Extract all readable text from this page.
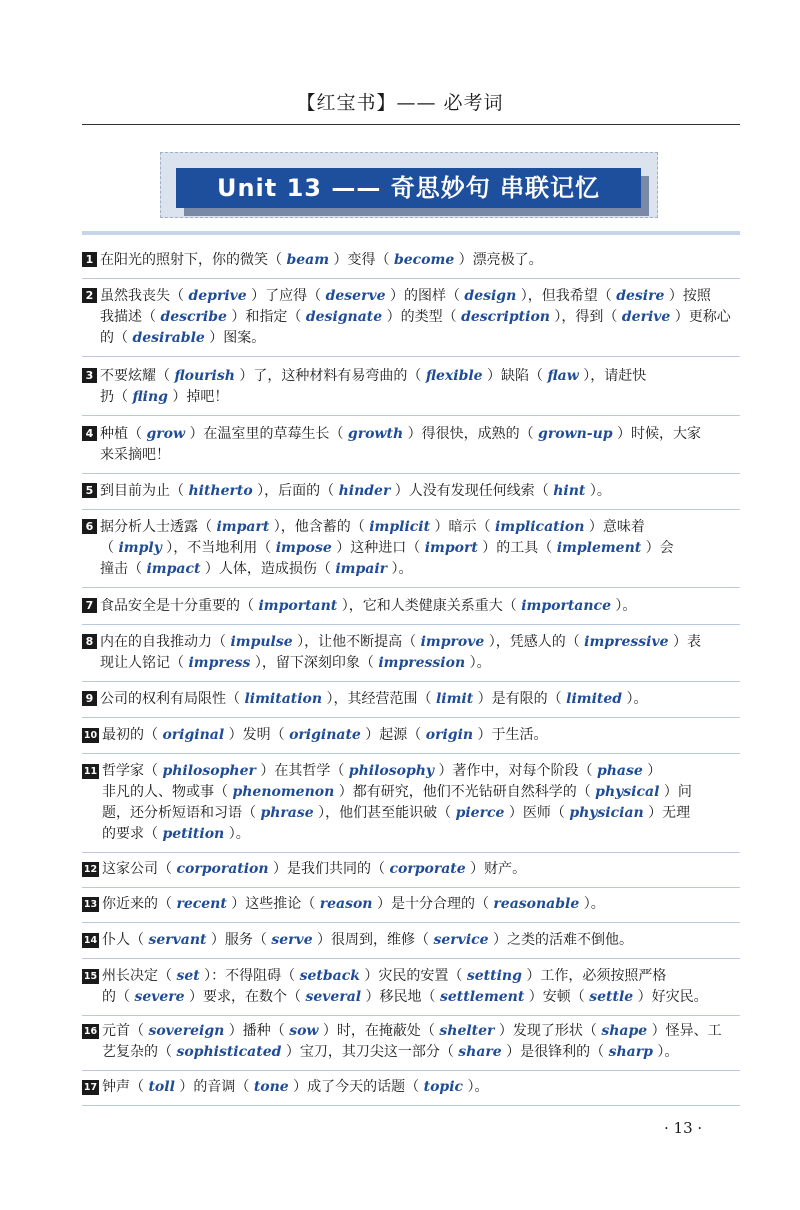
【红宝书】—— 必考词
Unit 13 —— 奇思妙句 串联记忆
1 在阳光的照射下，你的微笑（ beam ）变得（ become ）漂亮极了。
2 虽然我丧失（ deprive ）了应得（ deserve ）的图样（ design ），但我希望（ desire ）按照
我描述（ describe ）和指定（ designate ）的类型（ description ），得到（ derive ）更称心
的（ desirable ）图案。
3 不要炫耀（ flourish ）了，这种材料有易弯曲的（ flexible ）缺陷（ flaw ），请赶快
扔（ fling ）掉吧！
4 种植（ grow ）在温室里的草莓生长（ growth ）得很快，成熟的（ grown-up ）时候，大家
来采摘吧！
5 到目前为止（ hitherto ），后面的（ hinder ）人没有发现任何线索（ hint ）。
6 据分析人士透露（ impart ），他含蓄的（ implicit ）暗示（ implication ）意味着
（ imply ），不当地利用（ impose ）这种进口（ import ）的工具（ implement ）会
撞击（ impact ）人体，造成损伤（ impair ）。
7 食品安全是十分重要的（ important ），它和人类健康关系重大（ importance ）。
8 内在的自我推动力（ impulse ），让他不断提高（ improve ），凭感人的（ impressive ）表
现让人铭记（ impress ），留下深刻印象（ impression ）。
9 公司的权利有局限性（ limitation ），其经营范围（ limit ）是有限的（ limited ）。
10 最初的（ original ）发明（ originate ）起源（ origin ）于生活。
11 哲学家（ philosopher ）在其哲学（ philosophy ）著作中，对每个阶段（ phase ）
非凡的人、物或事（ phenomenon ）都有研究，他们不光钻研自然科学的（ physical ）问
题，还分析短语和习语（ phrase ），他们甚至能识破（ pierce ）医师（ physician ）无理
的要求（ petition ）。
12 这家公司（ corporation ）是我们共同的（ corporate ）财产。
13 你近来的（ recent ）这些推论（ reason ）是十分合理的（ reasonable ）。
14 仆人（ servant ）服务（ serve ）很周到，维修（ service ）之类的活难不倒他。
15 州长决定（ set ）：不得阻碍（ setback ）灾民的安置（ setting ）工作，必须按照严格
的（ severe ）要求，在数个（ several ）移民地（ settlement ）安顿（ settle ）好灾民。
16 元首（ sovereign ）播种（ sow ）时，在掩蔽处（ shelter ）发现了形状（ shape ）怪异、工
艺复杂的（ sophisticated ）宝刀，其刀尖这一部分（ share ）是很锋利的（ sharp ）。
17 钟声（ toll ）的音调（ tone ）成了今天的话题（ topic ）。
· 13 ·
